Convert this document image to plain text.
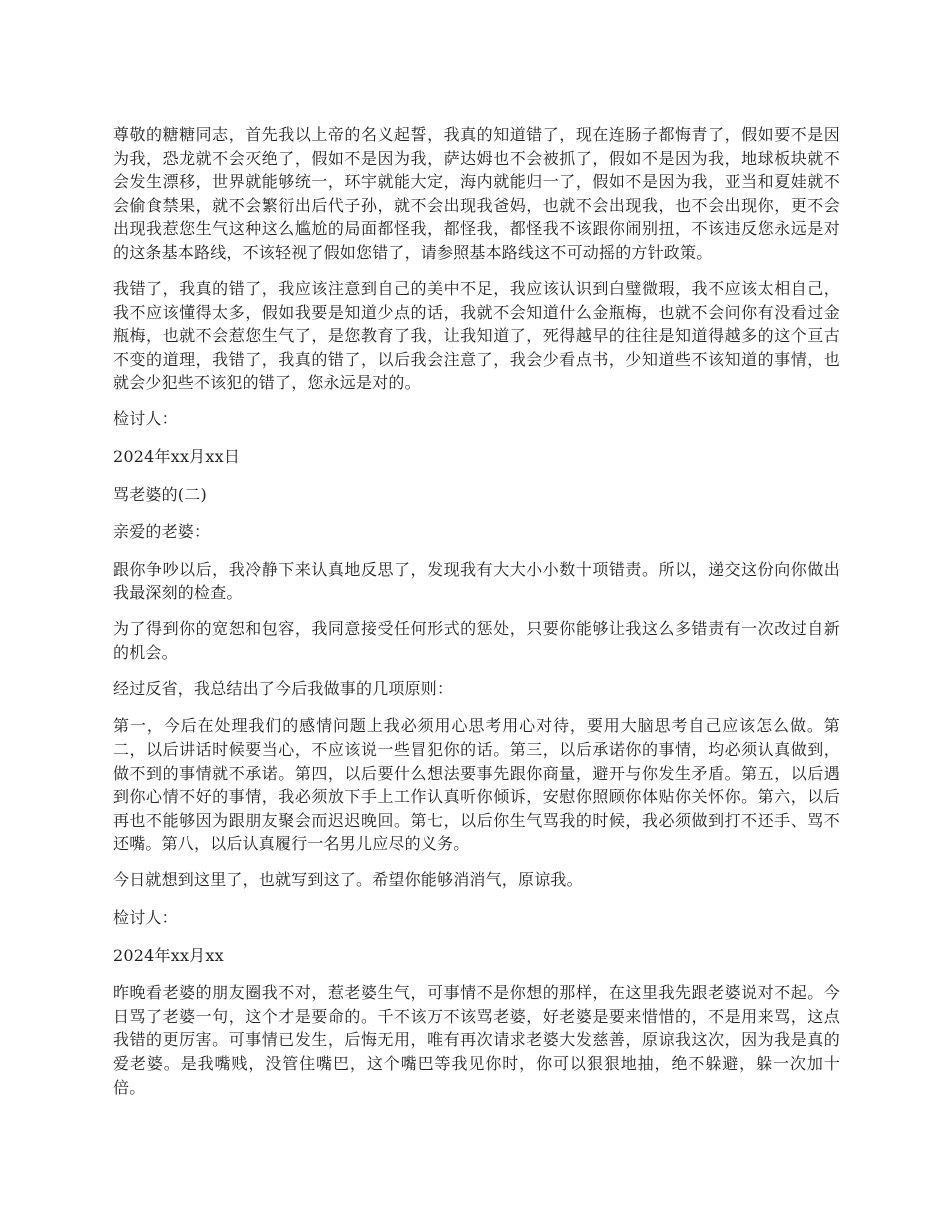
尊敬的糖糖同志，首先我以上帝的名义起誓，我真的知道错了，现在连肠子都悔青了，假如要不是因为我，恐龙就不会灭绝了，假如不是因为我，萨达姆也不会被抓了，假如不是因为我，地球板块就不会发生漂移，世界就能够统一，环宇就能大定，海内就能归一了，假如不是因为我，亚当和夏娃就不会偷食禁果，就不会繁衍出后代子孙，就不会出现我爸妈，也就不会出现我，也不会出现你，更不会出现我惹您生气这种这么尴尬的局面都怪我，都怪我，都怪我不该跟你闹别扭，不该违反您永远是对的这条基本路线，不该轻视了假如您错了，请参照基本路线这不可动摇的方针政策。

我错了，我真的错了，我应该注意到自己的美中不足，我应该认识到白璧微瑕，我不应该太相自己，我不应该懂得太多，假如我要是知道少点的话，我就不会知道什么金瓶梅，也就不会问你有没看过金瓶梅，也就不会惹您生气了，是您教育了我，让我知道了，死得越早的往往是知道得越多的这个亘古不变的道理，我错了，我真的错了，以后我会注意了，我会少看点书，少知道些不该知道的事情，也就会少犯些不该犯的错了，您永远是对的。

检讨人：

2024年xx月xx日

骂老婆的(二)

亲爱的老婆：

跟你争吵以后，我冷静下来认真地反思了，发现我有大大小小数十项错责。所以，递交这份向你做出我最深刻的检查。

为了得到你的宽恕和包容，我同意接受任何形式的惩处，只要你能够让我这么多错责有一次改过自新的机会。

经过反省，我总结出了今后我做事的几项原则：

第一，今后在处理我们的感情问题上我必须用心思考用心对待，要用大脑思考自己应该怎么做。第二，以后讲话时候要当心，不应该说一些冒犯你的话。第三，以后承诺你的事情，均必须认真做到，做不到的事情就不承诺。第四，以后要什么想法要事先跟你商量，避开与你发生矛盾。第五，以后遇到你心情不好的事情，我必须放下手上工作认真听你倾诉，安慰你照顾你体贴你关怀你。第六，以后再也不能够因为跟朋友聚会而迟迟晚回。第七，以后你生气骂我的时候，我必须做到打不还手、骂不还嘴。第八，以后认真履行一名男儿应尽的义务。

今日就想到这里了，也就写到这了。希望你能够消消气，原谅我。

检讨人：

2024年xx月xx

昨晚看老婆的朋友圈我不对，惹老婆生气，可事情不是你想的那样，在这里我先跟老婆说对不起。今日骂了老婆一句，这个才是要命的。千不该万不该骂老婆，好老婆是要来惜惜的，不是用来骂，这点我错的更厉害。可事情已发生，后悔无用，唯有再次请求老婆大发慈善，原谅我这次，因为我是真的爱老婆。是我嘴贱，没管住嘴巴，这个嘴巴等我见你时，你可以狠狠地抽，绝不躲避，躲一次加十倍。
